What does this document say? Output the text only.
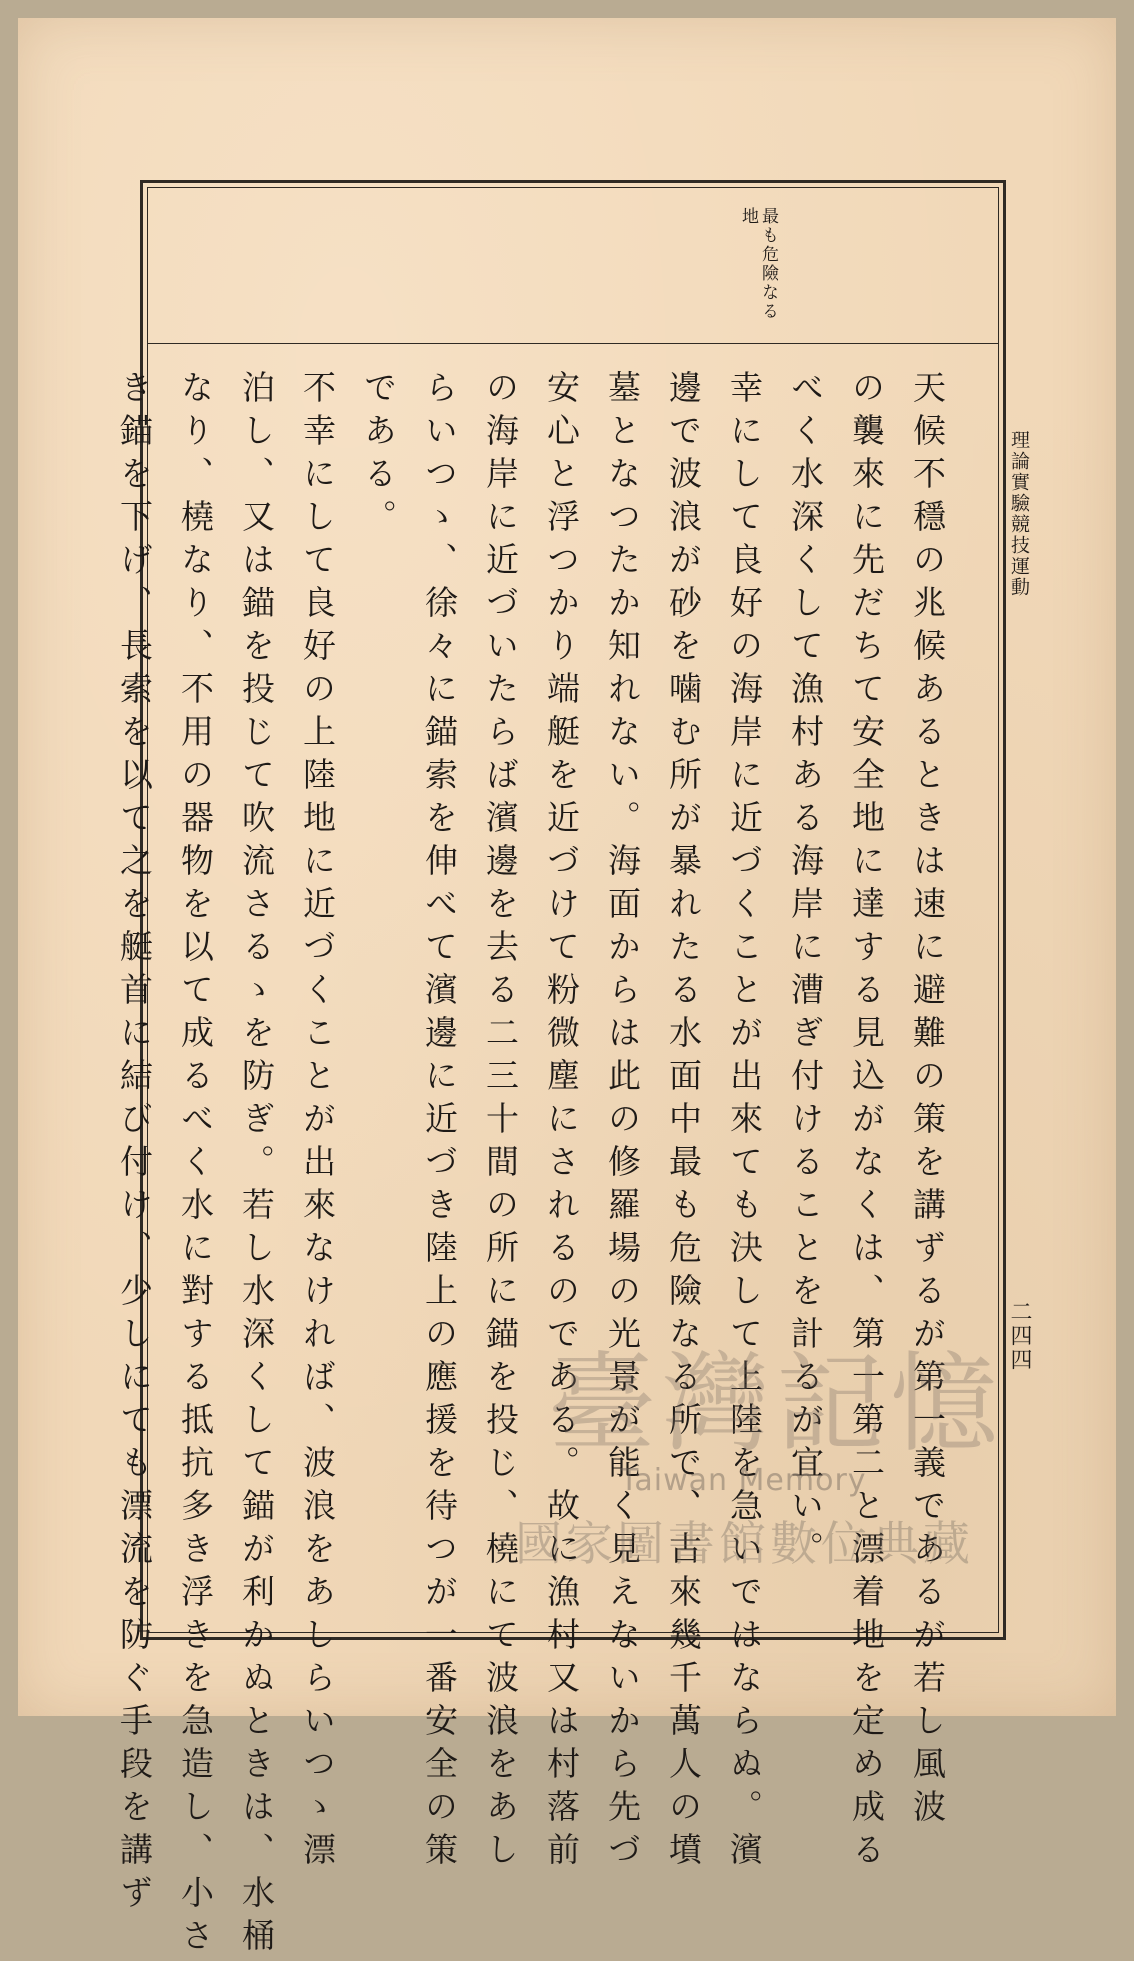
最も危險なる
地

天候不穩の兆候あるときは速に避難の策を講ずるが第一義であるが若し風波
の襲來に先だちて安全地に達する見込がなくは、第一第二と漂着地を定め成る
べく水深くして漁村ある海岸に漕ぎ付けることを計るが宜い。
幸にして良好の海岸に近づくことが出來ても決して上陸を急いではならぬ。濱
邊で波浪が砂を噛む所が暴れたる水面中最も危險なる所で、古來幾千萬人の墳
墓となつたか知れない。海面からは此の修羅場の光景が能く見えないから先づ
安心と浮つかり端艇を近づけて粉微塵にされるのである。故に漁村又は村落前
の海岸に近づいたらば濱邊を去る二三十間の所に錨を投じ、橈にて波浪をあし
らいつゝ、徐々に錨索を伸べて濱邊に近づき陸上の應援を待つが一番安全の策
である。
不幸にして良好の上陸地に近づくことが出來なければ、波浪をあしらいつゝ漂
泊し、又は錨を投じて吹流さるゝを防ぎ。若し水深くして錨が利かぬときは、水桶
なり、橈なり、不用の器物を以て成るべく水に對する抵抗多き浮きを急造し、小さ
き錨を下げ、長索を以て之を艇首に結び付け、少しにても漂流を防ぐ手段を講ず	理論實驗競技運動

二四四

臺灣記憶
Taiwan Memory
國家圖書館數位典藏
